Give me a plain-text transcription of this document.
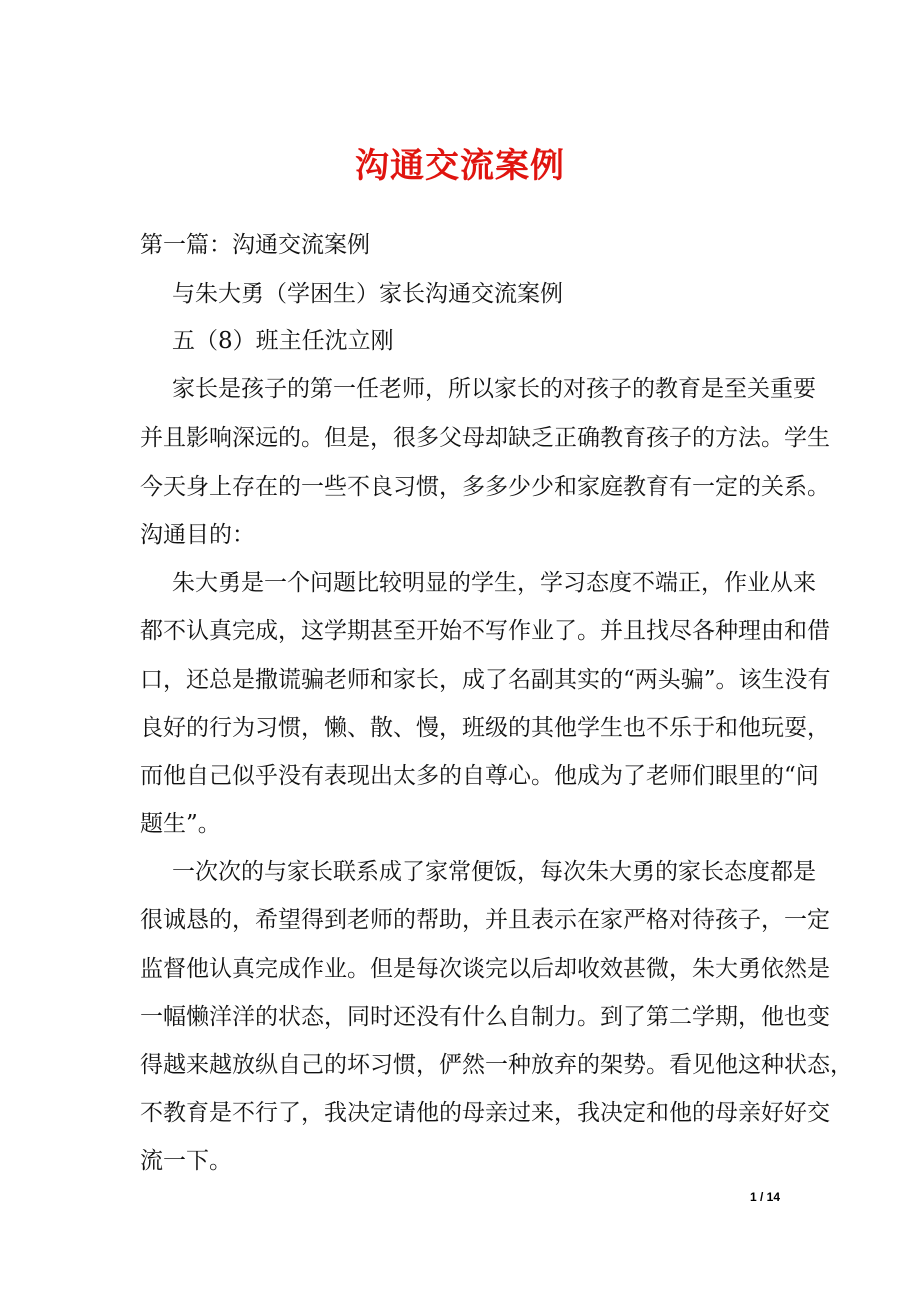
沟通交流案例
第一篇：沟通交流案例
与朱大勇（学困生）家长沟通交流案例
五（8）班主任沈立刚
家长是孩子的第一任老师，所以家长的对孩子的教育是至关重要
并且影响深远的。但是，很多父母却缺乏正确教育孩子的方法。学生
今天身上存在的一些不良习惯，多多少少和家庭教育有一定的关系。
沟通目的：
朱大勇是一个问题比较明显的学生，学习态度不端正，作业从来
都不认真完成，这学期甚至开始不写作业了。并且找尽各种理由和借
口，还总是撒谎骗老师和家长，成了名副其实的“两头骗”。该生没有
良好的行为习惯，懒、散、慢，班级的其他学生也不乐于和他玩耍，
而他自己似乎没有表现出太多的自尊心。他成为了老师们眼里的“问
题生”。
一次次的与家长联系成了家常便饭，每次朱大勇的家长态度都是
很诚恳的，希望得到老师的帮助，并且表示在家严格对待孩子，一定
监督他认真完成作业。但是每次谈完以后却收效甚微，朱大勇依然是
一幅懒洋洋的状态，同时还没有什么自制力。到了第二学期，他也变
得越来越放纵自己的坏习惯，俨然一种放弃的架势。看见他这种状态，
不教育是不行了，我决定请他的母亲过来，我决定和他的母亲好好交
流一下。
1 / 14
